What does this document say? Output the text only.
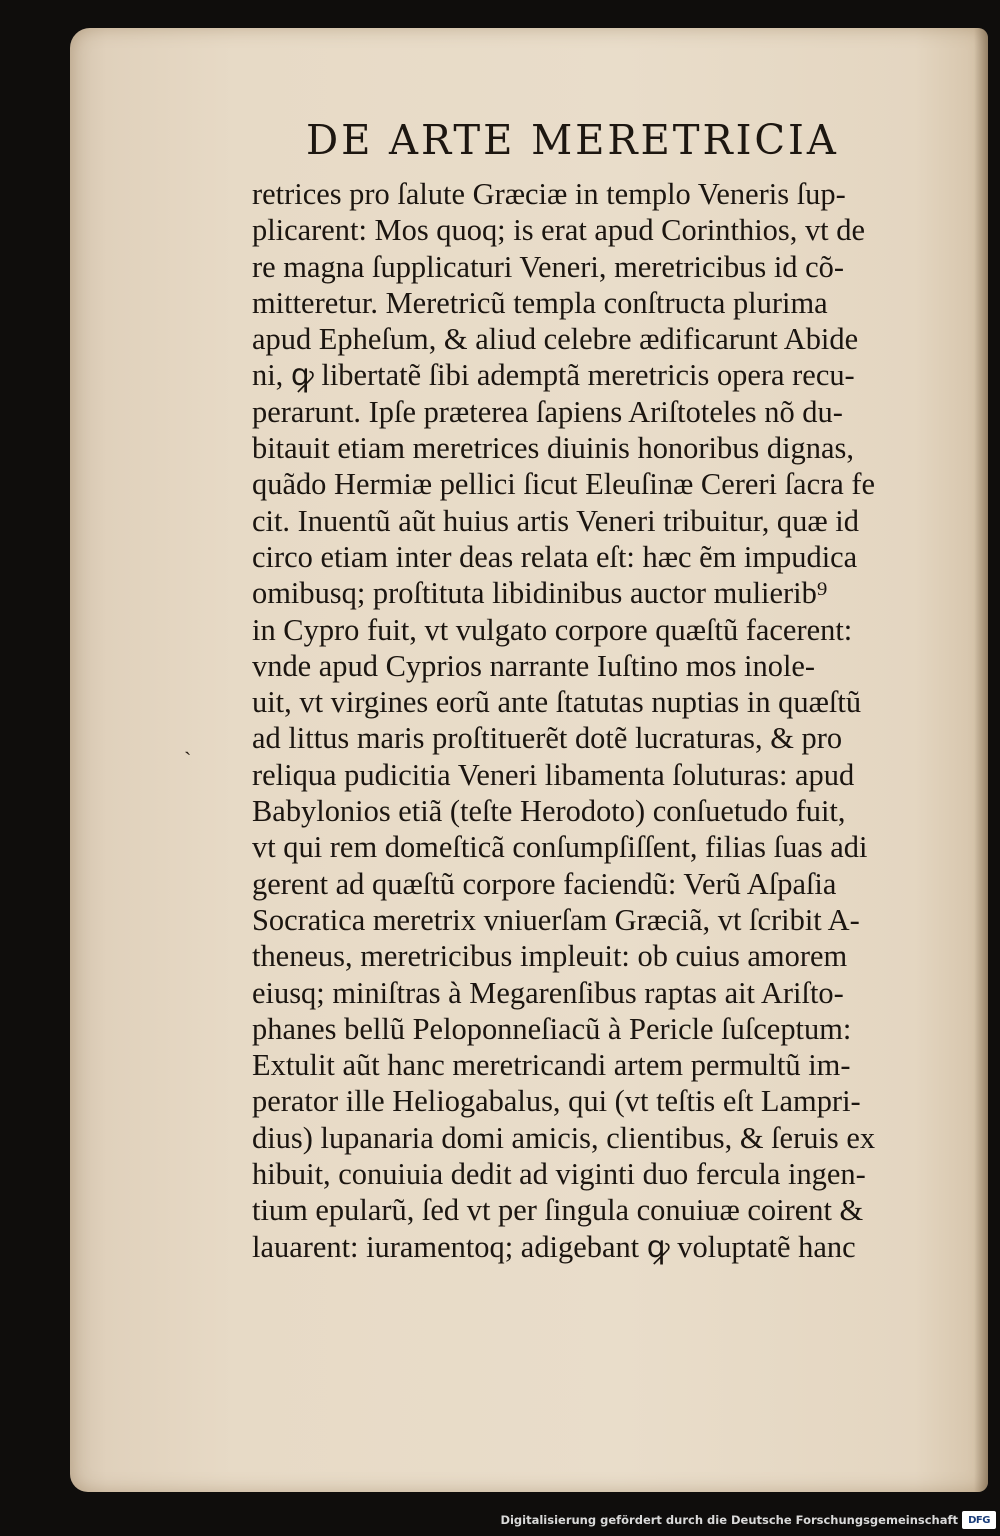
DE ARTE MERETRICIA
ˏ
retrices pro ſalute Græciæ in templo Veneris ſup-
plicarent: Mos quoq; is erat apud Corinthios, vt de
re magna ſupplicaturi Veneri, meretricibus id cõ-
mitteretur. Meretricũ templa conſtructa plurima
apud Epheſum, & aliud celebre ædificarunt Abide
ni, ꝙ libertatẽ ſibi ademptã meretricis opera recu-
perarunt. Ipſe præterea ſapiens Ariſtoteles nõ du-
bitauit etiam meretrices diuinis honoribus dignas,
quãdo Hermiæ pellici ſicut Eleuſinæ Cereri ſacra fe
cit. Inuentũ aũt huius artis Veneri tribuitur, quæ id
circo etiam inter deas relata eſt: hæc ẽm impudica
omibusq; proſtituta libidinibus auctor mulierib⁹
in Cypro fuit, vt vulgato corpore quæſtũ facerent:
vnde apud Cyprios narrante Iuſtino mos inole-
uit, vt virgines eorũ ante ſtatutas nuptias in quæſtũ
ad littus maris proſtituerẽt dotẽ lucraturas, & pro
reliqua pudicitia Veneri libamenta ſoluturas: apud
Babylonios etiã (teſte Herodoto) conſuetudo fuit,
vt qui rem domeſticã conſumpſiſſent, filias ſuas adi
gerent ad quæſtũ corpore faciendũ: Verũ Aſpaſia
Socratica meretrix vniuerſam Græciã, vt ſcribit A-
theneus, meretricibus impleuit: ob cuius amorem
eiusq; miniſtras à Megarenſibus raptas ait Ariſto-
phanes bellũ Peloponneſiacũ à Pericle ſuſceptum:
Extulit aũt hanc meretricandi artem permultũ im-
perator ille Heliogabalus, qui (vt teſtis eſt Lampri-
dius) lupanaria domi amicis, clientibus, & ſeruis ex
hibuit, conuiuia dedit ad viginti duo fercula ingen-
tium epularũ, ſed vt per ſingula conuiuæ coirent &
lauarent: iuramentoq; adigebant ꝙ voluptatẽ hanc
Digitalisierung gefördert durch die Deutsche Forschungsgemeinschaft	DFG
